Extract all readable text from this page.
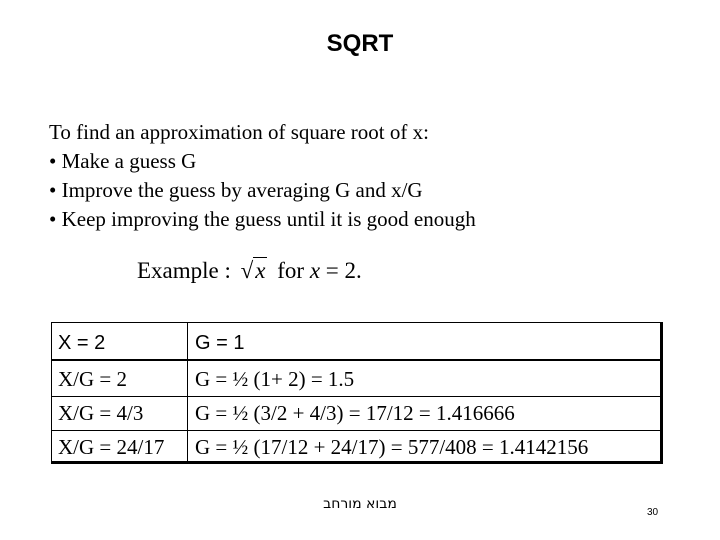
SQRT
To find an approximation of square root of x:
• Make a guess G
• Improve the guess by averaging G and x/G
• Keep improving the guess until it is good enough
Example : √x for x = 2.
X = 2	G = 1
X/G = 2	G = ½ (1+ 2) = 1.5
X/G = 4/3 G = ½ (3/2 + 4/3) = 17/12 = 1.416666
X/G = 24/17 G = ½ (17/12 + 24/17) = 577/408 = 1.4142156
מבוא מורחב
30
